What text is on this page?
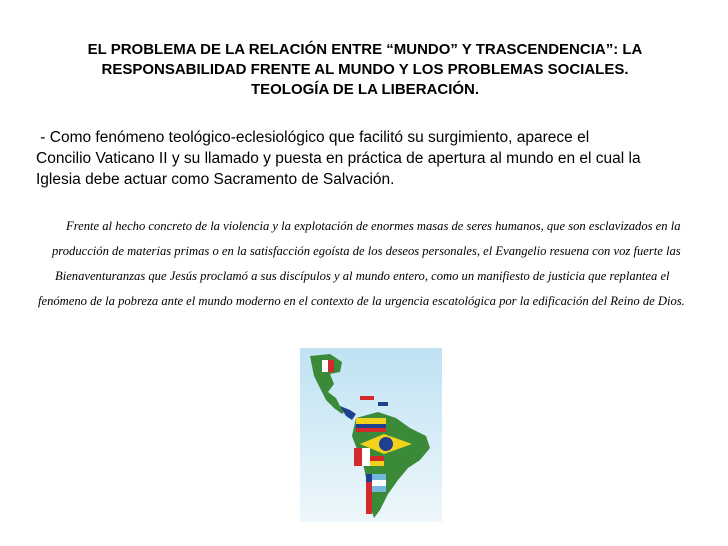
EL PROBLEMA DE LA RELACIÓN ENTRE “MUNDO” Y TRASCENDENCIA”: LA
RESPONSABILIDAD FRENTE AL MUNDO Y LOS PROBLEMAS SOCIALES.
TEOLOGÍA DE LA LIBERACIÓN.
- Como fenómeno teológico-eclesiológico que facilitó su surgimiento, aparece el
Concilio Vaticano II y su llamado y puesta en práctica de apertura al mundo en el cual la
Iglesia debe actuar como Sacramento de Salvación.
Frente al hecho concreto de la violencia y la explotación de enormes masas de seres humanos, que son esclavizados en la
producción de materias primas o en la satisfacción egoísta de los deseos personales, el Evangelio resuena con voz fuerte las
Bienaventuranzas que Jesús proclamó a sus discípulos y al mundo entero, como un manifiesto de justicia que replantea el
fenómeno de la pobreza ante el mundo moderno en el contexto de la urgencia escatológica por la edificación del Reino de Dios.
